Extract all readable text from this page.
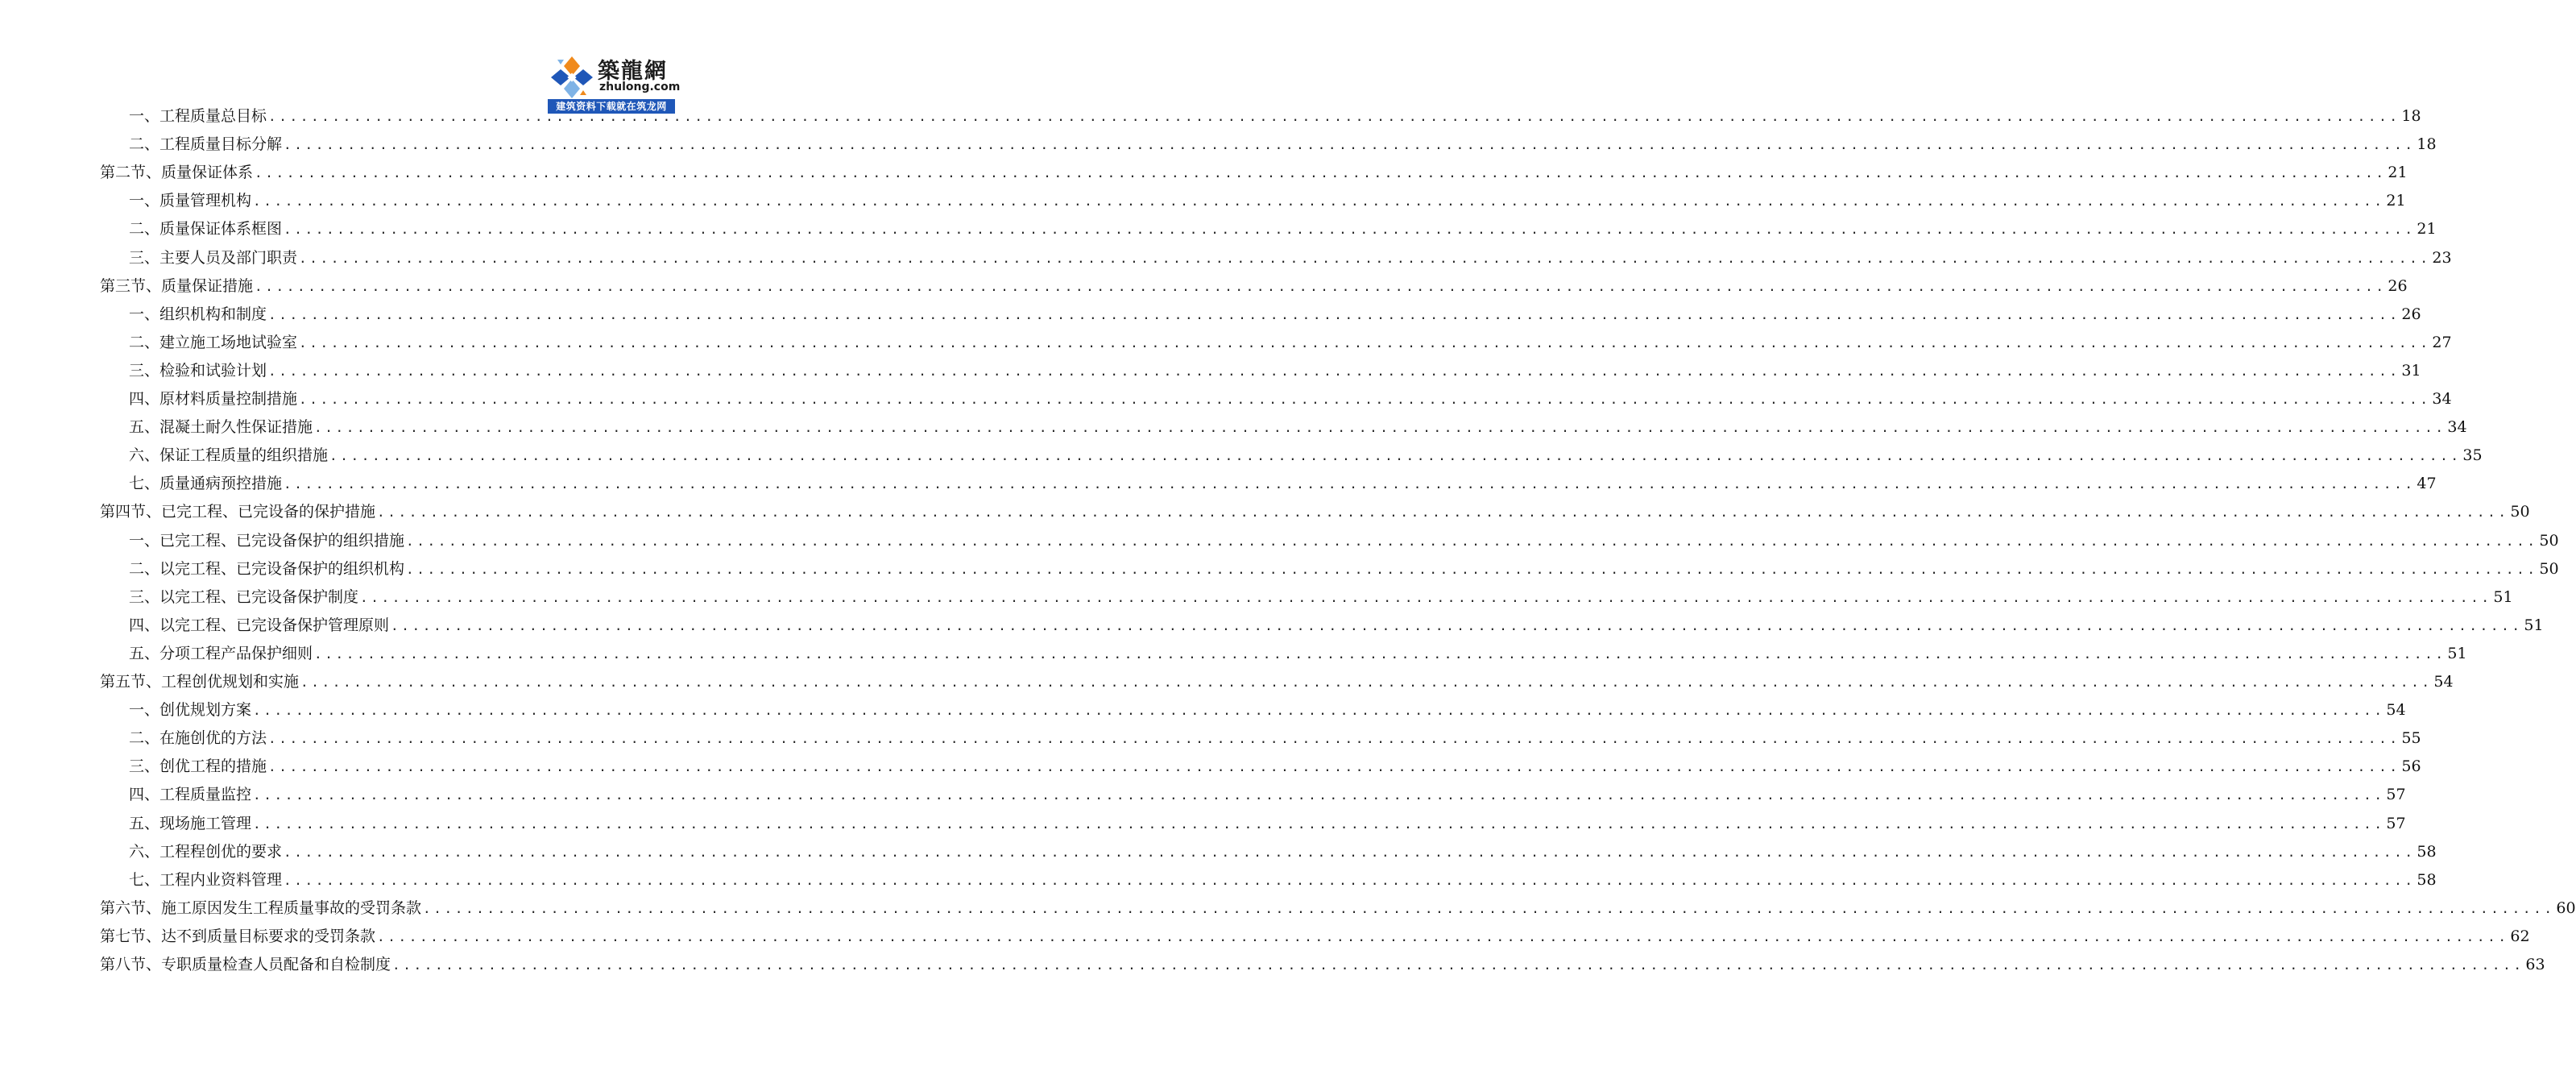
築龍網
zhulong.com
建筑资料下载就在筑龙网
一、工程质量总目标 ........................................................................................................................................................................................................ 18
二、工程质量目标分解 ........................................................................................................................................................................................................ 18
第二节、质量保证体系 ........................................................................................................................................................................................................ 21
一、质量管理机构 ........................................................................................................................................................................................................ 21
二、质量保证体系框图 ........................................................................................................................................................................................................ 21
三、主要人员及部门职责 ........................................................................................................................................................................................................ 23
第三节、质量保证措施 ........................................................................................................................................................................................................ 26
一、组织机构和制度 ........................................................................................................................................................................................................ 26
二、建立施工场地试验室 ........................................................................................................................................................................................................ 27
三、检验和试验计划 ........................................................................................................................................................................................................ 31
四、原材料质量控制措施 ........................................................................................................................................................................................................ 34
五、混凝土耐久性保证措施 ........................................................................................................................................................................................................ 34
六、保证工程质量的组织措施 ........................................................................................................................................................................................................ 35
七、质量通病预控措施 ........................................................................................................................................................................................................ 47
第四节、已完工程、已完设备的保护措施 ........................................................................................................................................................................................................ 50
一、已完工程、已完设备保护的组织措施 ........................................................................................................................................................................................................ 50
二、以完工程、已完设备保护的组织机构 ........................................................................................................................................................................................................ 50
三、以完工程、已完设备保护制度 ........................................................................................................................................................................................................ 51
四、以完工程、已完设备保护管理原则 ........................................................................................................................................................................................................ 51
五、分项工程产品保护细则 ........................................................................................................................................................................................................ 51
第五节、工程创优规划和实施 ........................................................................................................................................................................................................ 54
一、创优规划方案 ........................................................................................................................................................................................................ 54
二、在施创优的方法 ........................................................................................................................................................................................................ 55
三、创优工程的措施 ........................................................................................................................................................................................................ 56
四、工程质量监控 ........................................................................................................................................................................................................ 57
五、现场施工管理 ........................................................................................................................................................................................................ 57
六、工程程创优的要求 ........................................................................................................................................................................................................ 58
七、工程内业资料管理 ........................................................................................................................................................................................................ 58
第六节、施工原因发生工程质量事故的受罚条款 ........................................................................................................................................................................................................ 60
第七节、达不到质量目标要求的受罚条款 ........................................................................................................................................................................................................ 62
第八节、专职质量检查人员配备和自检制度 ........................................................................................................................................................................................................ 63
